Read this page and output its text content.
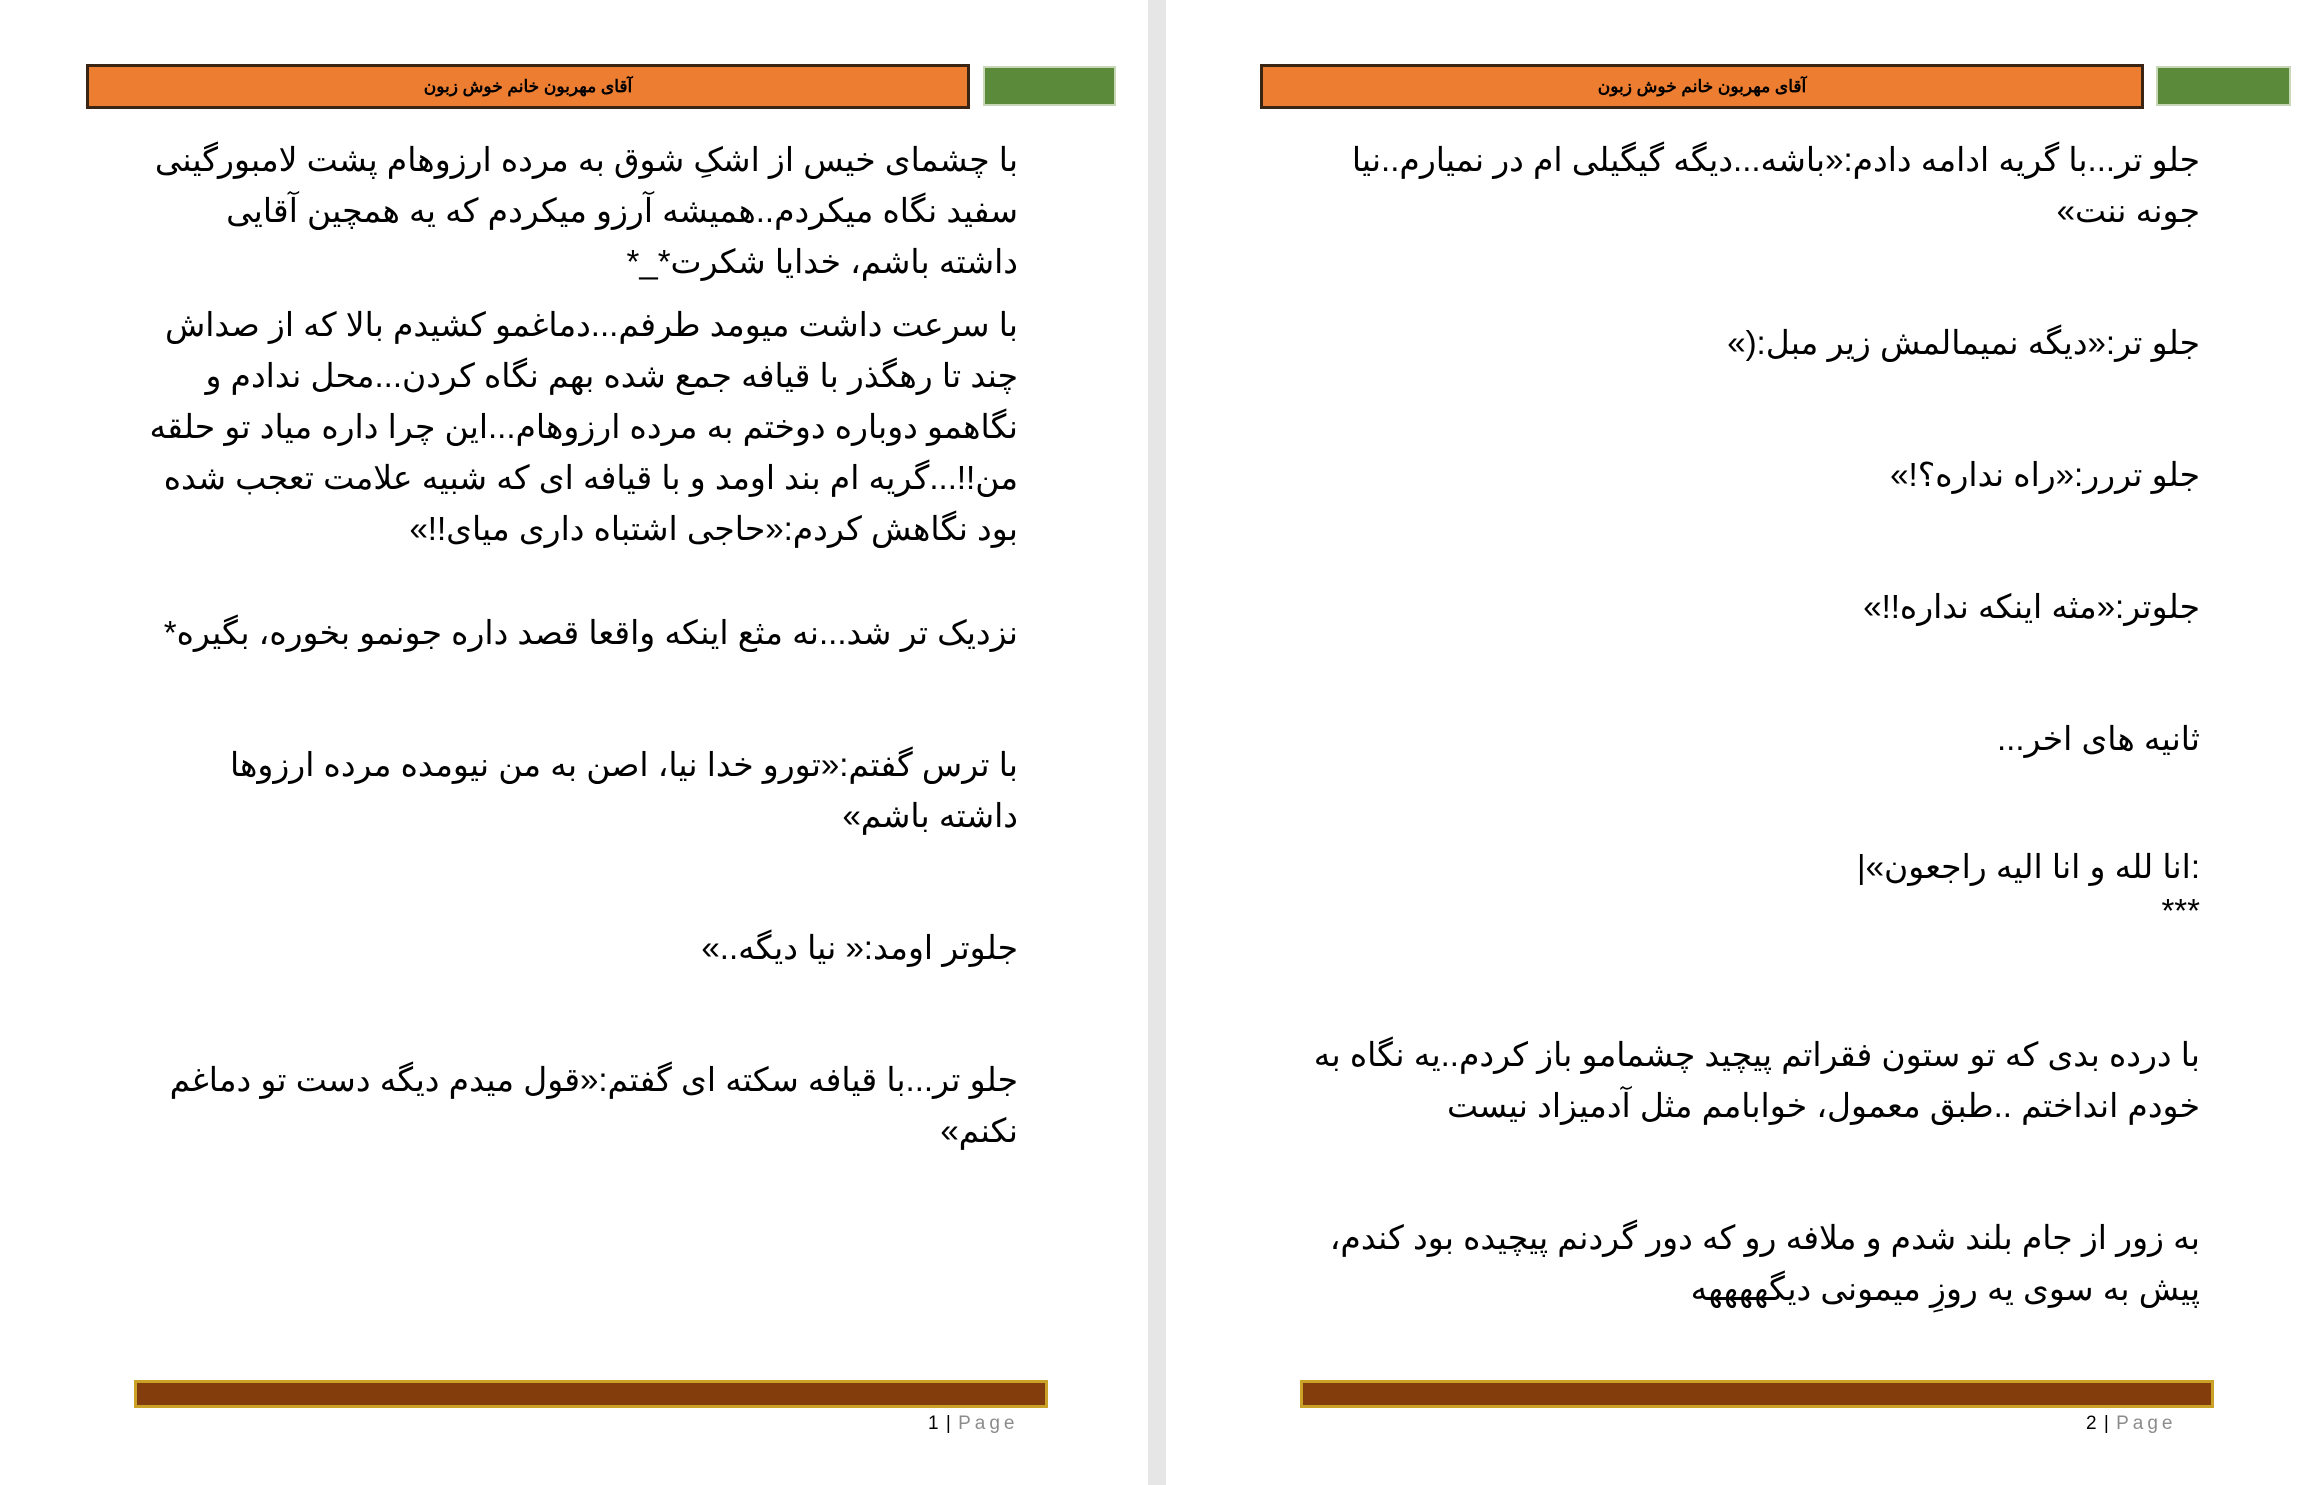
آقای مهربون خانم خوش زبون

با چشمای خیس از اشکِ شوق به مرده ارزوهام پشت لامبورگینی سفید نگاه میکردم..همیشه آرزو میکردم که یه همچین آقایی داشته باشم، خدایا شکرت*_*

با سرعت داشت میومد طرفم...دماغمو کشیدم بالا که از صداش چند تا رهگذر با قیافه جمع شده بهم نگاه کردن...محل ندادم و نگاهمو دوباره دوختم به مرده ارزوهام...این چرا داره میاد تو حلقه من!!...گریه ام بند اومد و با قیافه ای که شبیه علامت تعجب شده بود نگاهش کردم:«حاجی اشتباه داری میای!!»

نزدیک تر شد...نه مثع اینکه واقعا قصد داره جونمو بخوره، بگیره*

با ترس گفتم:«تورو خدا نیا، اصن به من نیومده مرده ارزوها داشته باشم»

جلوتر اومد:« نیا دیگه..»

جلو تر...با قیافه سکته ای گفتم:«قول میدم دیگه دست تو دماغم نکنم»

1 | Page
آقای مهربون خانم خوش زبون

جلو تر...با گریه ادامه دادم:«باشه...دیگه گیگیلی ام در نمیارم..نیا جونه ننت»

جلو تر:«دیگه نمیمالمش زیر مبل:(»

جلو تررر:«راه نداره؟!»

جلوتر:«مثه اینکه نداره!!»

ثانیه های اخر...

:انا لله و انا الیه راجعون»|

***

با درده بدی که تو ستون فقراتم پیچید چشمامو باز کردم..یه نگاه به خودم انداختم ..طبق معمول، خوابامم مثل آدمیزاد نیست

به زور از جام بلند شدم و ملافه رو که دور گردنم پیچیده بود کندم، پیش به سوی یه روزِ میمونی دیگههههه

2 | Page
